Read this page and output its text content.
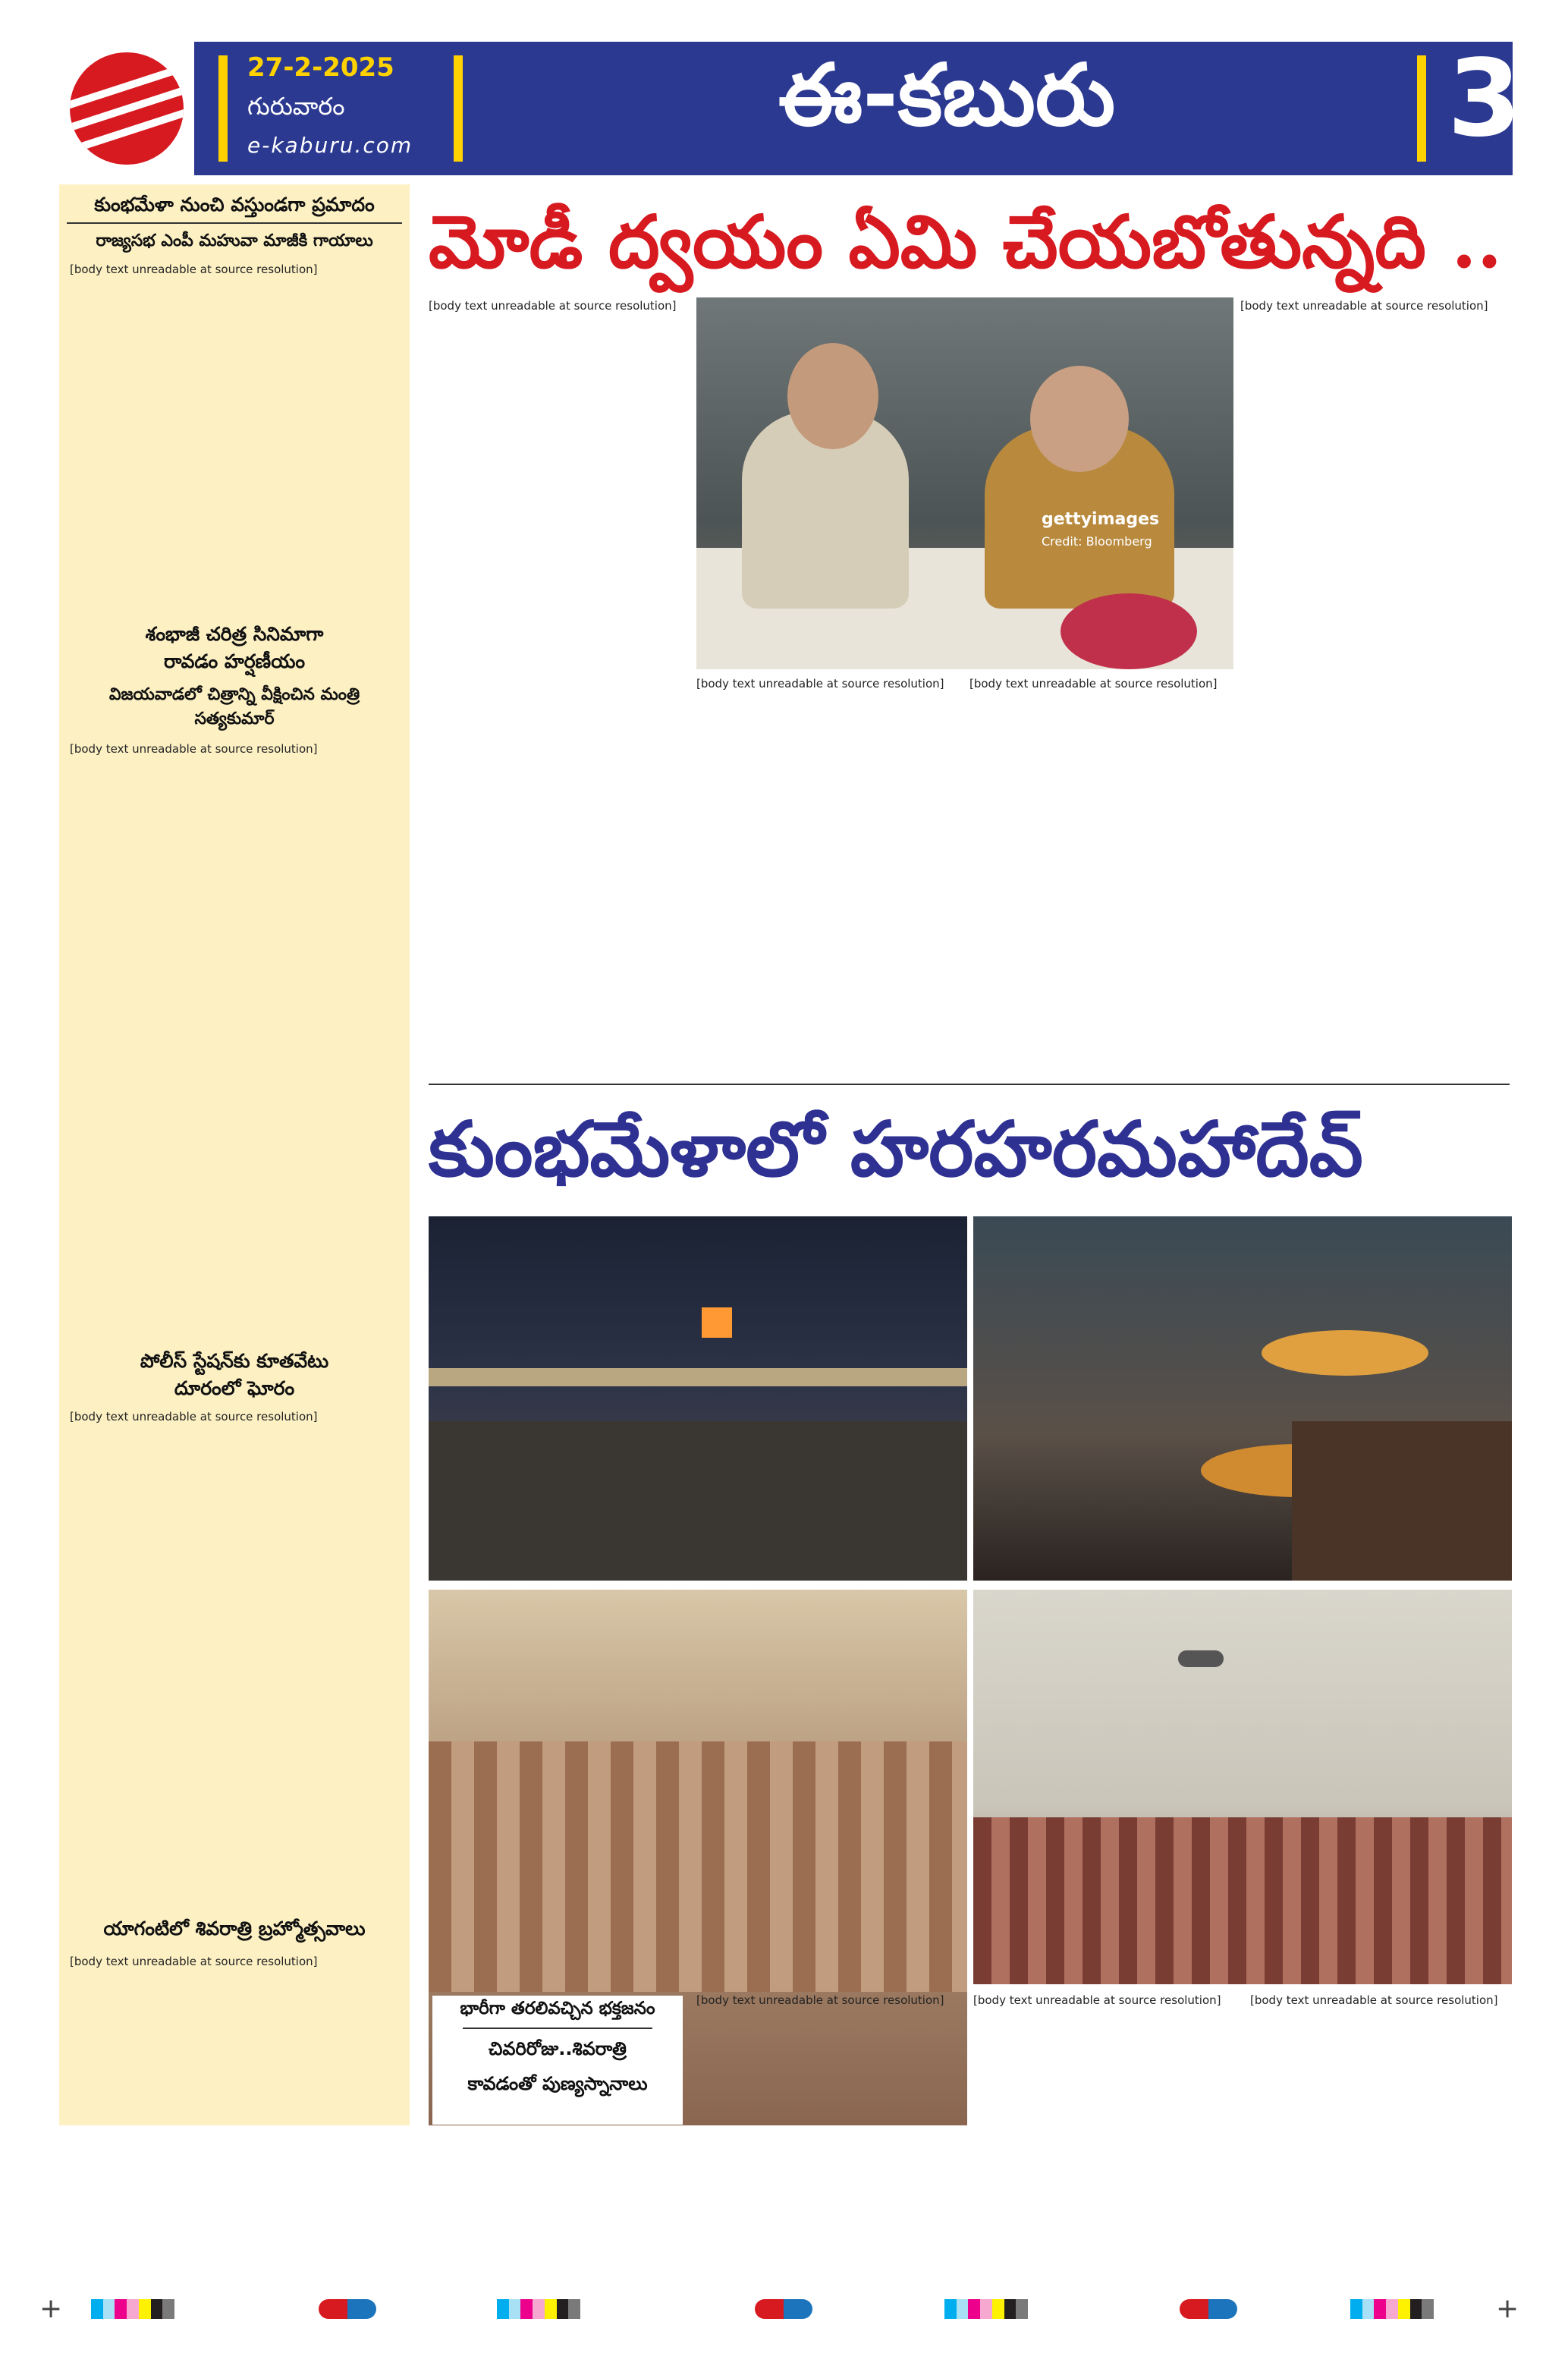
27-2-2025
గురువారం
e-kaburu.com
ఈ-కబురు	3
కుంభమేళా నుంచి వస్తుండగా ప్రమాదం
రాజ్యసభ ఎంపీ మహువా మాజీకి గాయాలు
[body text unreadable at source resolution]
శంభాజీ చరిత్ర సినిమాగా
రావడం హర్షణీయం
విజయవాడలో చిత్రాన్ని వీక్షించిన మంత్రి
సత్యకుమార్
[body text unreadable at source resolution]
పోలీస్ స్టేషన్‌కు కూతవేటు
దూరంలో ఘోరం
[body text unreadable at source resolution]
యాగంటిలో శివరాత్రి బ్రహ్మోత్సవాలు
[body text unreadable at source resolution]
మోడీ ద్వయం ఏమి చేయబోతున్నది ..
[body text unreadable at source resolution]	[body text unreadable at source resolution]
gettyimages
Credit: Bloomberg
[body text unreadable at source resolution]	[body text unreadable at source resolution]
కుంభమేళాలో హరహరమహాదేవ్
భారీగా తరలివచ్చిన భక్తజనం
చివరిరోజు..శివరాత్రి
కావడంతో పుణ్యస్నానాలు
[body text unreadable at source resolution]	[body text unreadable at source resolution]	[body text unreadable at source resolution]
+	+
